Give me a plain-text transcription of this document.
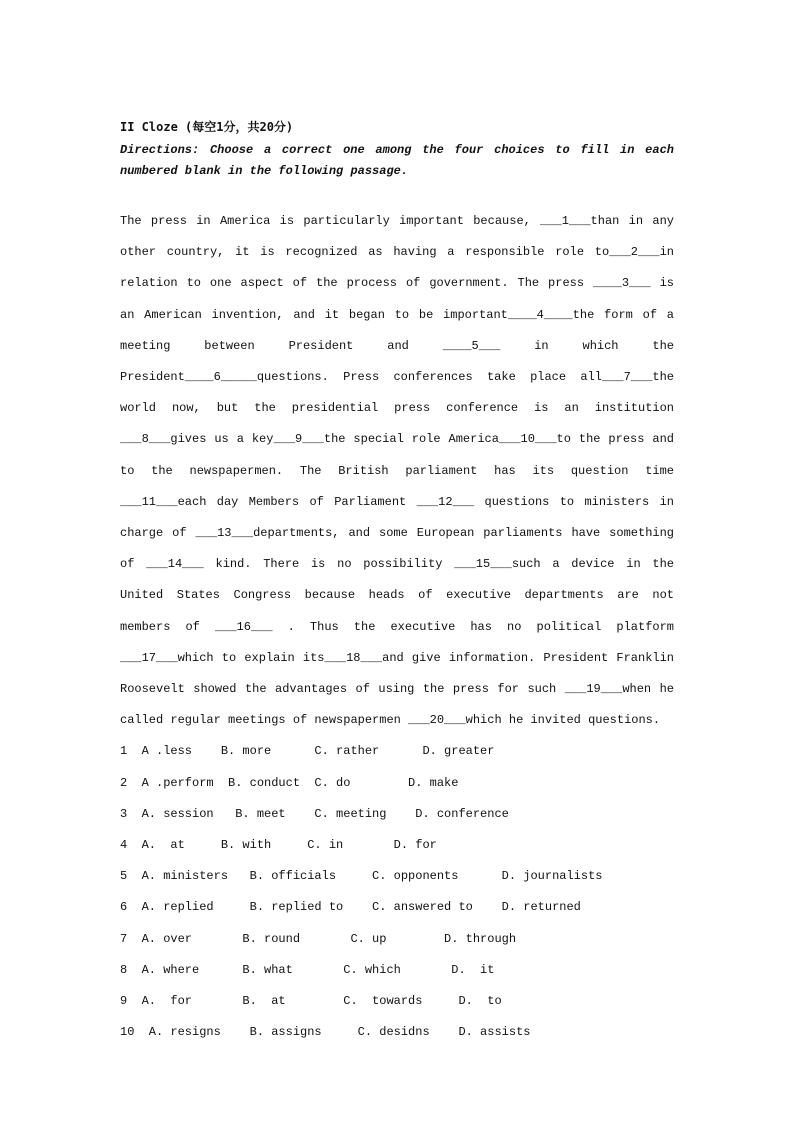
II Cloze (每空1分，共20分)

Directions: Choose a correct one among the four choices to fill in each numbered blank in the following passage.

The press in America is particularly important because, ___1___than in any other country, it is recognized as having a responsible role to___2___in relation to one aspect of the process of government. The press ____3___ is an American invention, and it began to be important____4____the form of a meeting between President and ____5___ in which the President____6_____questions. Press conferences take place all___7___the world now, but the presidential press conference is an institution ___8___gives us a key___9___the special role America___10___to the press and to the newspapermen. The British parliament has its question time ___11___each day Members of Parliament ___12___ questions to ministers in charge of ___13___departments, and some European parliaments have something of ___14___ kind. There is no possibility ___15___such a device in the United States Congress because heads of executive departments are not members of ___16___ . Thus the executive has no political platform ___17___which to explain its___18___and give information. President Franklin Roosevelt showed the advantages of using the press for such ___19___when he called regular meetings of newspapermen ___20___which he invited questions.

1  A .less    B. more      C. rather      D. greater
2  A .perform  B. conduct  C. do        D. make
3  A. session   B. meet    C. meeting    D. conference
4  A.  at     B. with     C. in       D. for
5  A. ministers   B. officials     C. opponents      D. journalists
6  A. replied     B. replied to    C. answered to    D. returned
7  A. over       B. round       C. up        D. through
8  A. where      B. what       C. which       D.  it
9  A.  for       B.  at        C.  towards     D.  to
10  A. resigns    B. assigns     C. desidns    D. assists
